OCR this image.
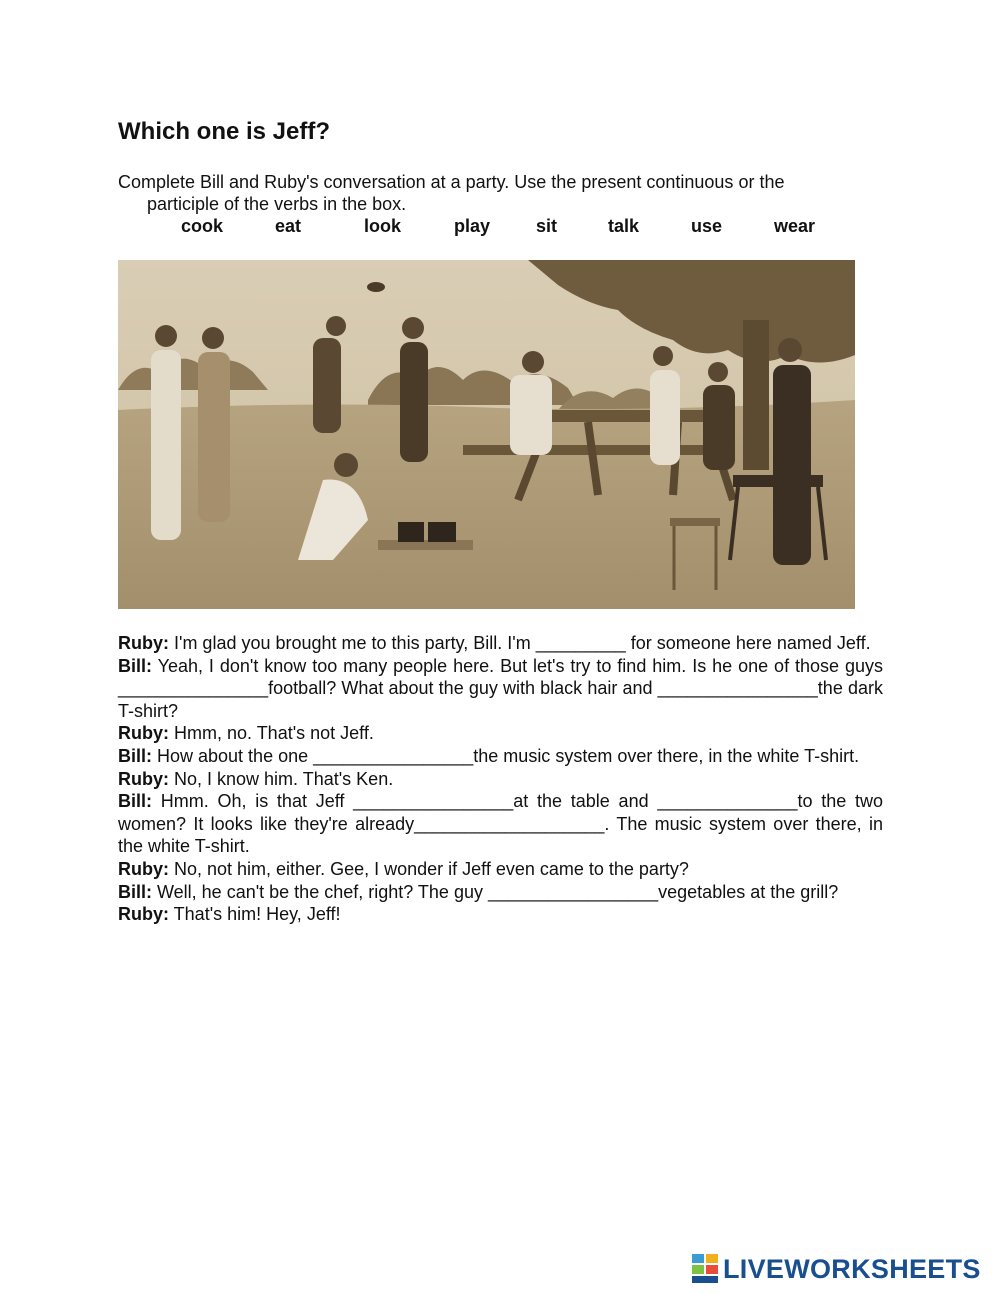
Which one is Jeff?
Complete Bill and Ruby's conversation at a party. Use the present continuous or the
participle of the verbs in the box.
cook	eat	look	play	sit	talk	use	wear

Ruby: I'm glad you brought me to this party, Bill. I'm _________ for someone here named Jeff.

Bill: Yeah, I don't know too many people here. But let's try to find him. Is he one of those guys _______________football? What about the guy with black hair and ________________the dark T-shirt?

Ruby: Hmm, no. That's not Jeff.

Bill: How about the one ________________the music system over there, in the white T-shirt.

Ruby: No, I know him. That's Ken.

Bill: Hmm. Oh, is that Jeff ________________at the table and ______________to the two women? It looks like they're already___________________. The music system over there, in the white T-shirt.

Ruby: No, not him, either. Gee, I wonder if Jeff even came to the party?

Bill: Well, he can't be the chef, right? The guy _________________vegetables at the grill?

Ruby: That's him! Hey, Jeff!

LIVEWORKSHEETS
